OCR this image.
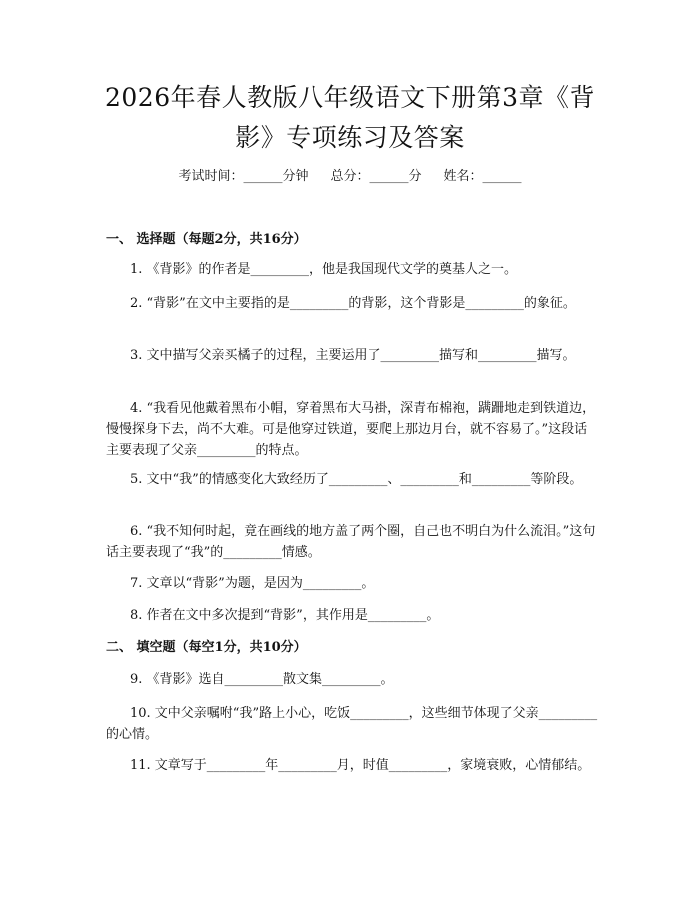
2026年春人教版八年级语文下册第3章《背
影》专项练习及答案
考试时间：______分钟 总分：______分 姓名：______
一、 选择题（每题2分，共16分）

1. 《背影》的作者是_________，他是我国现代文学的奠基人之一。

2. “背影”在文中主要指的是_________的背影，这个背影是_________的象征。

3. 文中描写父亲买橘子的过程，主要运用了_________描写和_________描写。

4. “我看见他戴着黑布小帽，穿着黑布大马褂，深青布棉袍，蹒跚地走到铁道边，慢慢探身下去，尚不大难。可是他穿过铁道，要爬上那边月台，就不容易了。”这段话主要表现了父亲_________的特点。

5. 文中“我”的情感变化大致经历了_________、_________和_________等阶段。

6. “我不知何时起，竟在画线的地方盖了两个圈，自己也不明白为什么流泪。”这句话主要表现了“我”的_________情感。

7. 文章以“背影”为题，是因为_________。

8. 作者在文中多次提到“背影”，其作用是_________。

二、 填空题（每空1分，共10分）

9. 《背影》选自_________散文集_________。

10. 文中父亲嘱咐“我”路上小心，吃饭_________，这些细节体现了父亲_________的心情。

11. 文章写于_________年_________月，时值_________，家境衰败，心情郁结。
